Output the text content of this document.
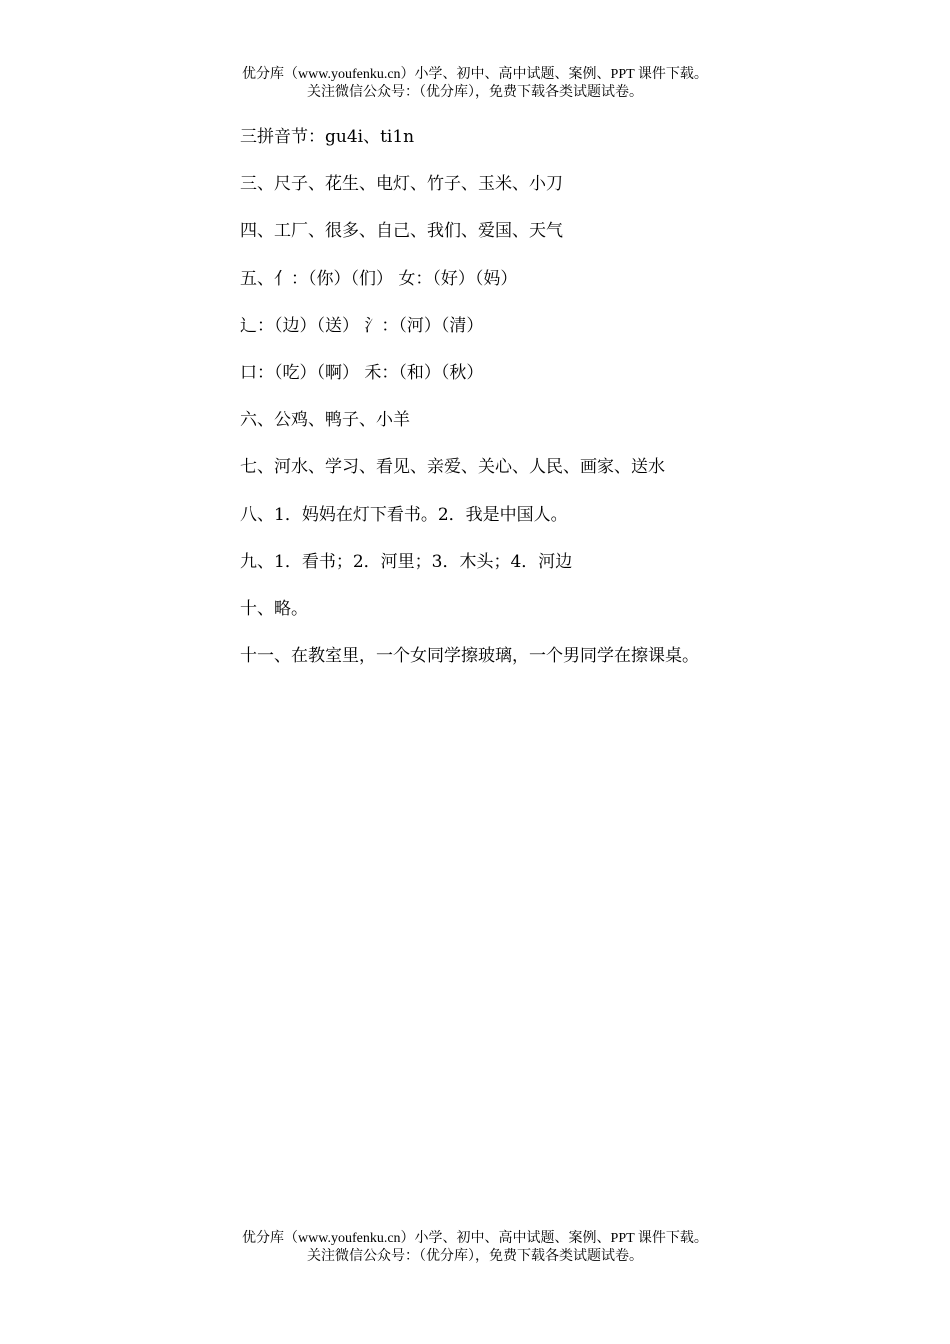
优分库（www.youfenku.cn）小学、初中、高中试题、案例、PPT 课件下载。
关注微信公众号：（优分库），免费下载各类试题试卷。
三拼音节：gu4i、ti1n
三、尺子、花生、电灯、竹子、玉米、小刀
四、工厂、很多、自己、我们、爱国、天气
五、亻：（你）（们） 女：（好）（妈）
辶：（边）（送） 氵：（河）（清）
口：（吃）（啊） 禾：（和）（秋）
六、公鸡、鸭子、小羊
七、河水、学习、看见、亲爱、关心、人民、画家、送水
八、1．妈妈在灯下看书。2．我是中国人。
九、1．看书；2．河里；3．木头；4．河边
十、略。
十一、在教室里，一个女同学擦玻璃，一个男同学在擦课桌。
优分库（www.youfenku.cn）小学、初中、高中试题、案例、PPT 课件下载。
关注微信公众号：（优分库），免费下载各类试题试卷。
